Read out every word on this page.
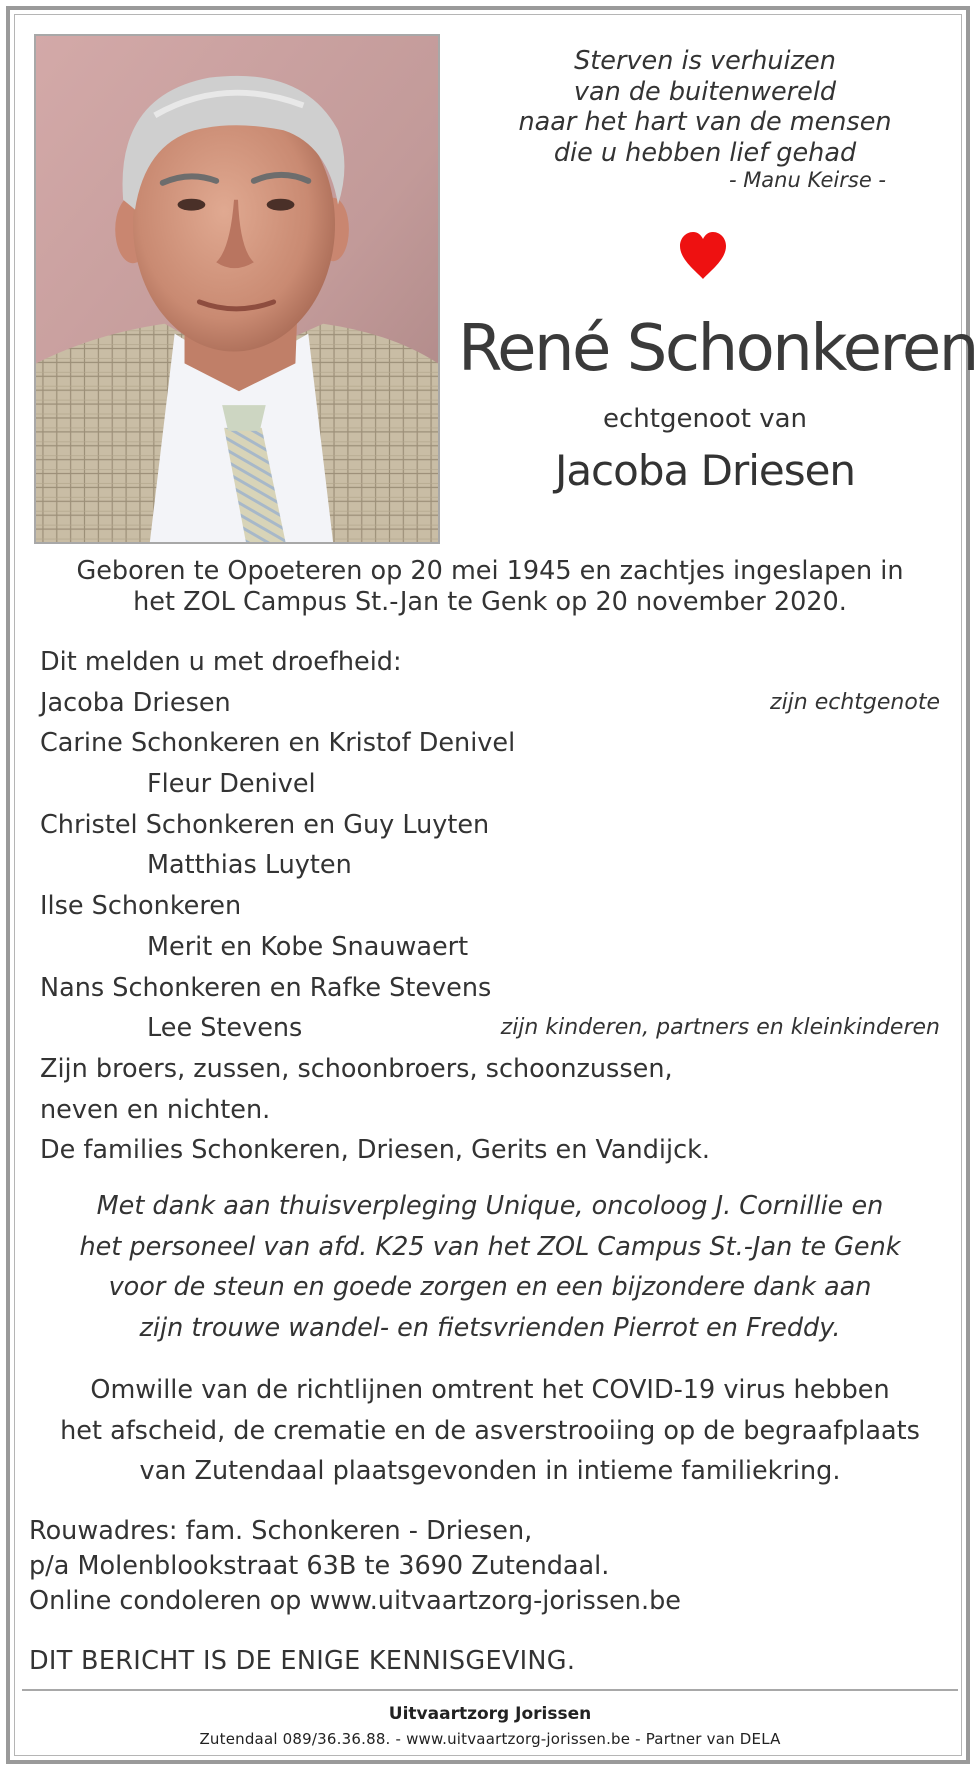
Sterven is verhuizen
van de buitenwereld
naar het hart van de mensen
die u hebben lief gehad
- Manu Keirse -
René Schonkeren
echtgenoot van
Jacoba Driesen
Geboren te Opoeteren op 20 mei 1945 en zachtjes ingeslapen in
het ZOL Campus St.-Jan te Genk op 20 november 2020.
Dit melden u met droefheid:
Jacoba Driesen	zijn echtgenote
Carine Schonkeren en Kristof Denivel
Fleur Denivel
Christel Schonkeren en Guy Luyten
Matthias Luyten
Ilse Schonkeren
Merit en Kobe Snauwaert
Nans Schonkeren en Rafke Stevens
Lee Stevens	zijn kinderen, partners en kleinkinderen
Zijn broers, zussen, schoonbroers, schoonzussen,
neven en nichten.
De families Schonkeren, Driesen, Gerits en Vandijck.
Met dank aan thuisverpleging Unique, oncoloog J. Cornillie en
het personeel van afd. K25 van het ZOL Campus St.-Jan te Genk
voor de steun en goede zorgen en een bijzondere dank aan
zijn trouwe wandel- en fietsvrienden Pierrot en Freddy.
Omwille van de richtlijnen omtrent het COVID-19 virus hebben
het afscheid, de crematie en de asverstrooiing op de begraafplaats
van Zutendaal plaatsgevonden in intieme familiekring.
Rouwadres: fam. Schonkeren - Driesen,
p/a Molenblookstraat 63B te 3690 Zutendaal.
Online condoleren op www.uitvaartzorg-jorissen.be
DIT BERICHT IS DE ENIGE KENNISGEVING.
Uitvaartzorg Jorissen
Zutendaal 089/36.36.88. - www.uitvaartzorg-jorissen.be - Partner van DELA
